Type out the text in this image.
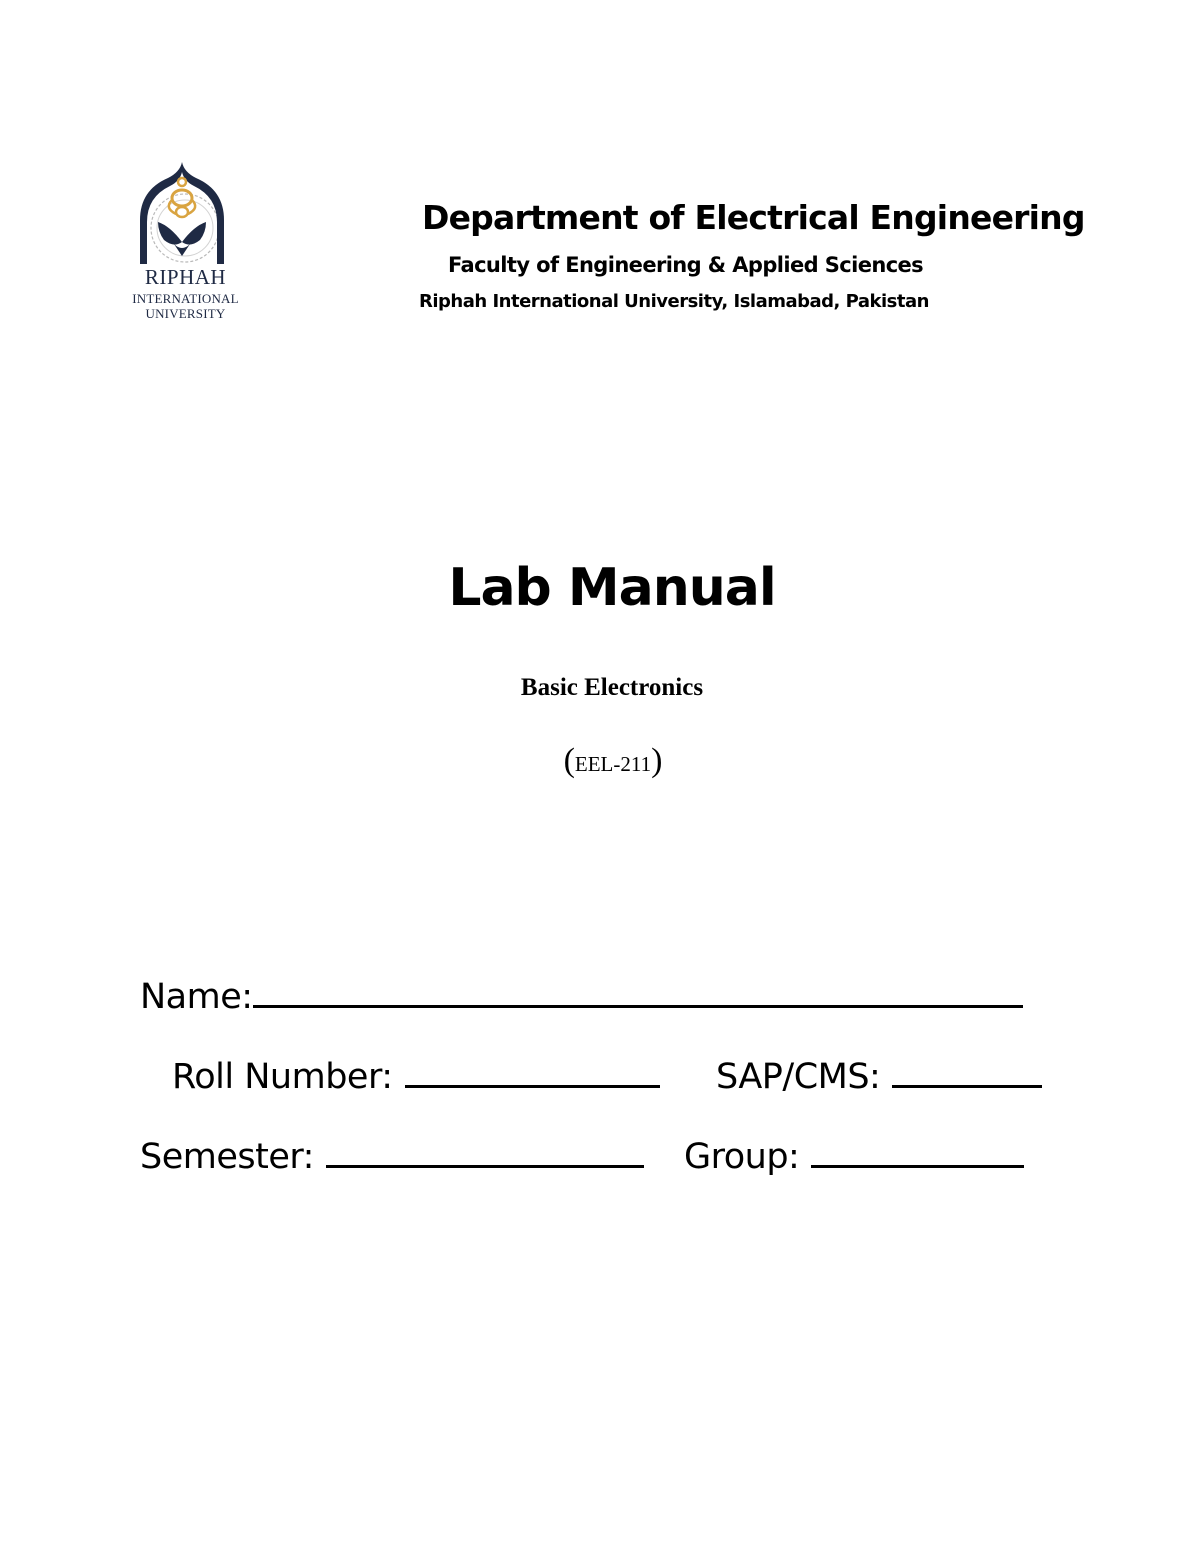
RIPHAH
INTERNATIONAL
UNIVERSITY
Department of Electrical Engineering
Faculty of Engineering & Applied Sciences
Riphah International University, Islamabad, Pakistan
Lab Manual
Basic Electronics
(EEL-211)
Name:
Roll Number:	SAP/CMS:
Semester:	Group:
